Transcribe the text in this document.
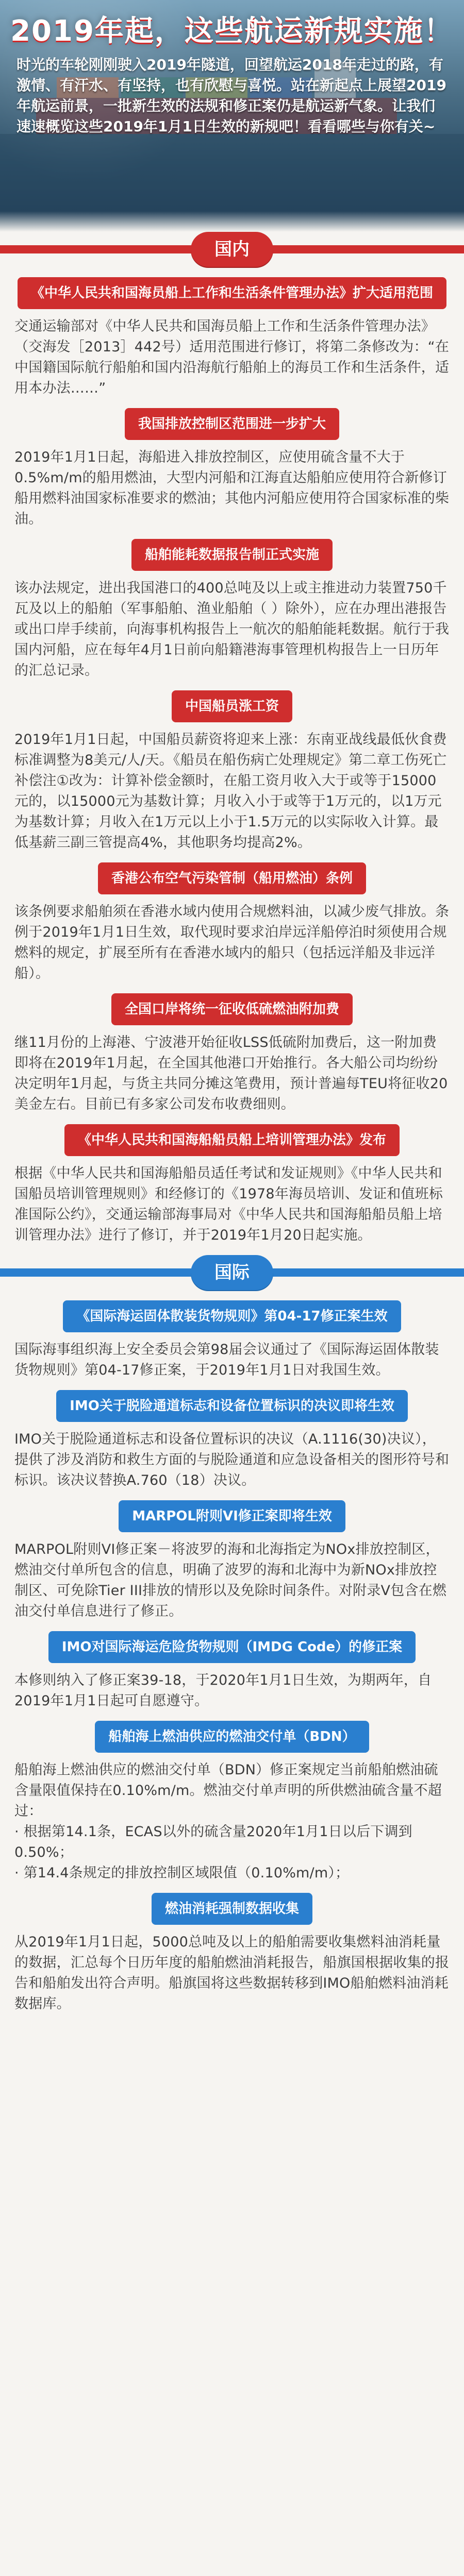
2019年起，这些航运新规实施！
时光的车轮刚刚驶入2019年隧道，回望航运2018年走过的路，有激情、有汗水、有坚持，也有欣慰与喜悦。站在新起点上展望2019年航运前景，一批新生效的法规和修正案仍是航运新气象。让我们速速概览这些2019年1月1日生效的新规吧！看看哪些与你有关~
国内
《中华人民共和国海员船上工作和生活条件管理办法》扩大适用范围
交通运输部对《中华人民共和国海员船上工作和生活条件管理办法》（交海发［2013］442号）适用范围进行修订，将第二条修改为：“在中国籍国际航行船舶和国内沿海航行船舶上的海员工作和生活条件，适用本办法……”
我国排放控制区范围进一步扩大
2019年1月1日起，海船进入排放控制区，应使用硫含量不大于0.5%m/m的船用燃油，大型内河船和江海直达船舶应使用符合新修订船用燃料油国家标准要求的燃油；其他内河船应使用符合国家标准的柴油。
船舶能耗数据报告制正式实施
该办法规定，进出我国港口的400总吨及以上或主推进动力装置750千瓦及以上的船舶（军事船舶、渔业船舶（ ）除外），应在办理出港报告或出口岸手续前，向海事机构报告上一航次的船舶能耗数据。航行于我国内河船，应在每年4月1日前向船籍港海事管理机构报告上一日历年的汇总记录。
中国船员涨工资
2019年1月1日起，中国船员薪资将迎来上涨：东南亚战线最低伙食费标准调整为8美元/人/天。《船员在船伤病亡处理规定》第二章工伤死亡补偿注①改为：计算补偿金额时，在船工资月收入大于或等于15000元的，以15000元为基数计算；月收入小于或等于1万元的，以1万元为基数计算；月收入在1万元以上小于1.5万元的以实际收入计算。最低基薪三副三管提高4%，其他职务均提高2%。
香港公布空气污染管制（船用燃油）条例
该条例要求船舶须在香港水域内使用合规燃料油，以减少废气排放。条例于2019年1月1日生效，取代现时要求泊岸远洋船停泊时须使用合规燃料的规定，扩展至所有在香港水域内的船只（包括远洋船及非远洋船）。
全国口岸将统一征收低硫燃油附加费
继11月份的上海港、宁波港开始征收LSS低硫附加费后，这一附加费即将在2019年1月起，在全国其他港口开始推行。各大船公司均纷纷决定明年1月起，与货主共同分摊这笔费用，预计普遍每TEU将征收20美金左右。目前已有多家公司发布收费细则。
《中华人民共和国海船船员船上培训管理办法》发布
根据《中华人民共和国海船船员适任考试和发证规则》《中华人民共和国船员培训管理规则》和经修订的《1978年海员培训、发证和值班标准国际公约》，交通运输部海事局对《中华人民共和国海船船员船上培训管理办法》进行了修订，并于2019年1月20日起实施。
国际
《国际海运固体散装货物规则》第04-17修正案生效
国际海事组织海上安全委员会第98届会议通过了《国际海运固体散装货物规则》第04-17修正案，于2019年1月1日对我国生效。
IMO关于脱险通道标志和设备位置标识的决议即将生效
IMO关于脱险通道标志和设备位置标识的决议（A.1116(30)决议），提供了涉及消防和救生方面的与脱险通道和应急设备相关的图形符号和标识。该决议替换A.760（18）决议。
MARPOL附则VI修正案即将生效
MARPOL附则VI修正案－将波罗的海和北海指定为NOx排放控制区，燃油交付单所包含的信息，明确了波罗的海和北海中为新NOx排放控制区、可免除Tier III排放的情形以及免除时间条件。对附录V包含在燃油交付单信息进行了修正。
IMO对国际海运危险货物规则（IMDG Code）的修正案
本修则纳入了修正案39-18，于2020年1月1日生效，为期两年，自2019年1月1日起可自愿遵守。
船舶海上燃油供应的燃油交付单（BDN）
船舶海上燃油供应的燃油交付单（BDN）修正案规定当前船舶燃油硫含量限值保持在0.10%m/m。燃油交付单声明的所供燃油硫含量不超过：
· 根据第14.1条，ECAS以外的硫含量2020年1月1日以后下调到0.50%；
· 第14.4条规定的排放控制区域限值（0.10%m/m）；
燃油消耗强制数据收集
从2019年1月1日起，5000总吨及以上的船舶需要收集燃料油消耗量的数据，汇总每个日历年度的船舶燃油消耗报告，船旗国根据收集的报告和船舶发出符合声明。船旗国将这些数据转移到IMO船舶燃料油消耗数据库。
